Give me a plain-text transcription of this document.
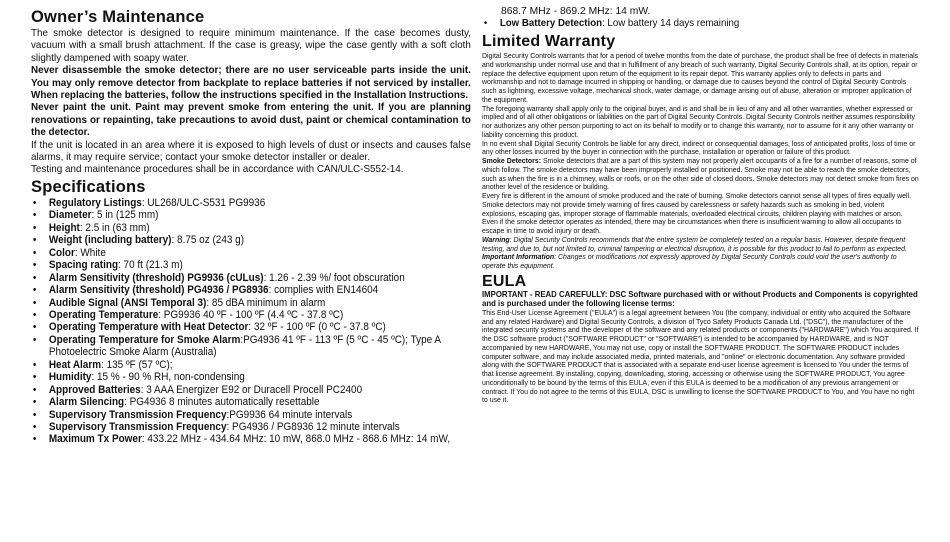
Owner’s Maintenance

The smoke detector is designed to require minimum maintenance. If the case becomes dusty, vacuum with a small brush attachment. If the case is greasy, wipe the case gently with a soft cloth slightly dampened with soapy water.

Never disassemble the smoke detector; there are no user serviceable parts inside the unit. You may only remove detector from backplate to replace batteries if not serviced by installer. When replacing the batteries, follow the instructions specified in the Installation Instructions.

Never paint the unit. Paint may prevent smoke from entering the unit. If you are planning renovations or repainting, take precautions to avoid dust, paint or chemical contamination to the detector.

If the unit is located in an area where it is exposed to high levels of dust or insects and causes false alarms, it may require service; contact your smoke detector installer or dealer.

Testing and maintenance procedures shall be in accordance with CAN/ULC-S552-14.

Specifications
• Regulatory Listings: UL268/ULC-S531 PG9936
• Diameter: 5 in (125 mm)
• Height: 2.5 in (63 mm)
• Weight (including battery): 8.75 oz (243 g)
• Color: White
• Spacing rating: 70 ft (21.3 m)
• Alarm Sensitivity (threshold) PG9936 (cULus): 1.26 - 2.39 %/ foot obscuration
• Alarm Sensitivity (threshold) PG4936 / PG8936: complies with EN14604
• Audible Signal (ANSI Temporal 3): 85 dBA minimum in alarm
• Operating Temperature: PG9936 40 ºF - 100 ºF (4.4 ºC - 37.8 ºC)
• Operating Temperature with Heat Detector: 32 ºF - 100 ºF (0 ºC - 37.8 ºC)
• Operating Temperature for Smoke Alarm:PG4936 41 ºF - 113 ºF (5 ºC - 45 ºC); Type A Photoelectric Smoke Alarm (Australia)
• Heat Alarm: 135 ºF (57 ºC);
• Humidity: 15 % - 90 % RH, non-condensing
• Approved Batteries: 3 AAA Energizer E92 or Duracell Procell PC2400
• Alarm Silencing: PG4936 8 minutes automatically resettable
• Supervisory Transmission Frequency:PG9936 64 minute intervals
• Supervisory Transmission Frequency: PG4936 / PG8936 12 minute intervals
• Maximum Tx Power: 433.22 MHz - 434.64 MHz: 10 mW, 868.0 MHz - 868.6 MHz: 14 mW,

868.7 MHz - 869.2 MHz: 14 mW.

• Low Battery Detection: Low battery 14 days remaining
Limited Warranty

Digital Security Controls warrants that for a period of twelve months from the date of purchase, the product shall be free of defects in materials and workmanship under normal use and that in fulfillment of any breach of such warranty, Digital Security Controls shall, at its option, repair or replace the defective equipment upon return of the equipment to its repair depot. This warranty applies only to defects in parts and workmanship and not to damage incurred in shipping or handling, or damage due to causes beyond the control of Digital Security Controls such as lightning, excessive voltage, mechanical shock, water damage, or damage arising out of abuse, alteration or improper application of the equipment.

The foregoing warranty shall apply only to the original buyer, and is and shall be in lieu of any and all other warranties, whether expressed or implied and of all other obligations or liabilities on the part of Digital Security Controls. Digital Security Controls neither assumes responsibility nor authorizes any other person purporting to act on its behalf to modify or to change this warranty, nor to assume for it any other warranty or liability concerning this product.

In no event shall Digital Security Controls be liable for any direct, indirect or consequential damages, loss of anticipated profits, loss of time or any other losses incurred by the buyer in connection with the purchase, installation or operation or failure of this product.

Smoke Detectors: Smoke detectors that are a part of this system may not properly alert occupants of a fire for a number of reasons, some of which follow. The smoke detectors may have been improperly installed or positioned. Smoke may not be able to reach the smoke detectors, such as when the fire is in a chimney, walls or roofs, or on the other side of closed doors. Smoke detectors may not detect smoke from fires on another level of the residence or building.

Every fire is different in the amount of smoke produced and the rate of burning. Smoke detectors cannot sense all types of fires equally well. Smoke detectors may not provide timely warning of fires caused by carelessness or safety hazards such as smoking in bed, violent explosions, escaping gas, improper storage of flammable materials, overloaded electrical circuits, children playing with matches or arson.

Even if the smoke detector operates as intended, there may be circumstances when there is insufficient warning to allow all occupants to escape in time to avoid injury or death.

Warning: Digital Security Controls recommends that the entire system be completely tested on a regular basis. However, despite frequent testing, and due to, but not limited to, criminal tampering or electrical disruption, it is possible for this product to fail to perform as expected.

Important Information: Changes or modifications not expressly approved by Digital Security Controls could void the user's authority to operate this equipment.

EULA

IMPORTANT - READ CAREFULLY: DSC Software purchased with or without Products and Components is copyrighted and is purchased under the following license terms:

This End-User License Agreement ("EULA") is a legal agreement between You (the company, individual or entity who acquired the Software and any related Hardware) and Digital Security Controls, a division of Tyco Safety Products Canada Ltd. ("DSC"), the manufacturer of the integrated security systems and the developer of the software and any related products or components ("HARDWARE") which You acquired. If the DSC software product ("SOFTWARE PRODUCT" or "SOFTWARE") is intended to be accompanied by HARDWARE, and is NOT accompanied by new HARDWARE, You may not use, copy or install the SOFTWARE PRODUCT. The SOFTWARE PRODUCT includes computer software, and may include associated media, printed materials, and "online" or electronic documentation. Any software provided along with the SOFTWARE PRODUCT that is associated with a separate end-user license agreement is licensed to You under the terms of that license agreement. By installing, copying, downloading, storing, accessing or otherwise using the SOFTWARE PRODUCT, You agree unconditionally to be bound by the terms of this EULA, even if this EULA is deemed to be a modification of any previous arrangement or contract. If You do not agree to the terms of this EULA, DSC is unwilling to license the SOFTWARE PRODUCT to You, and You have no right to use it.
